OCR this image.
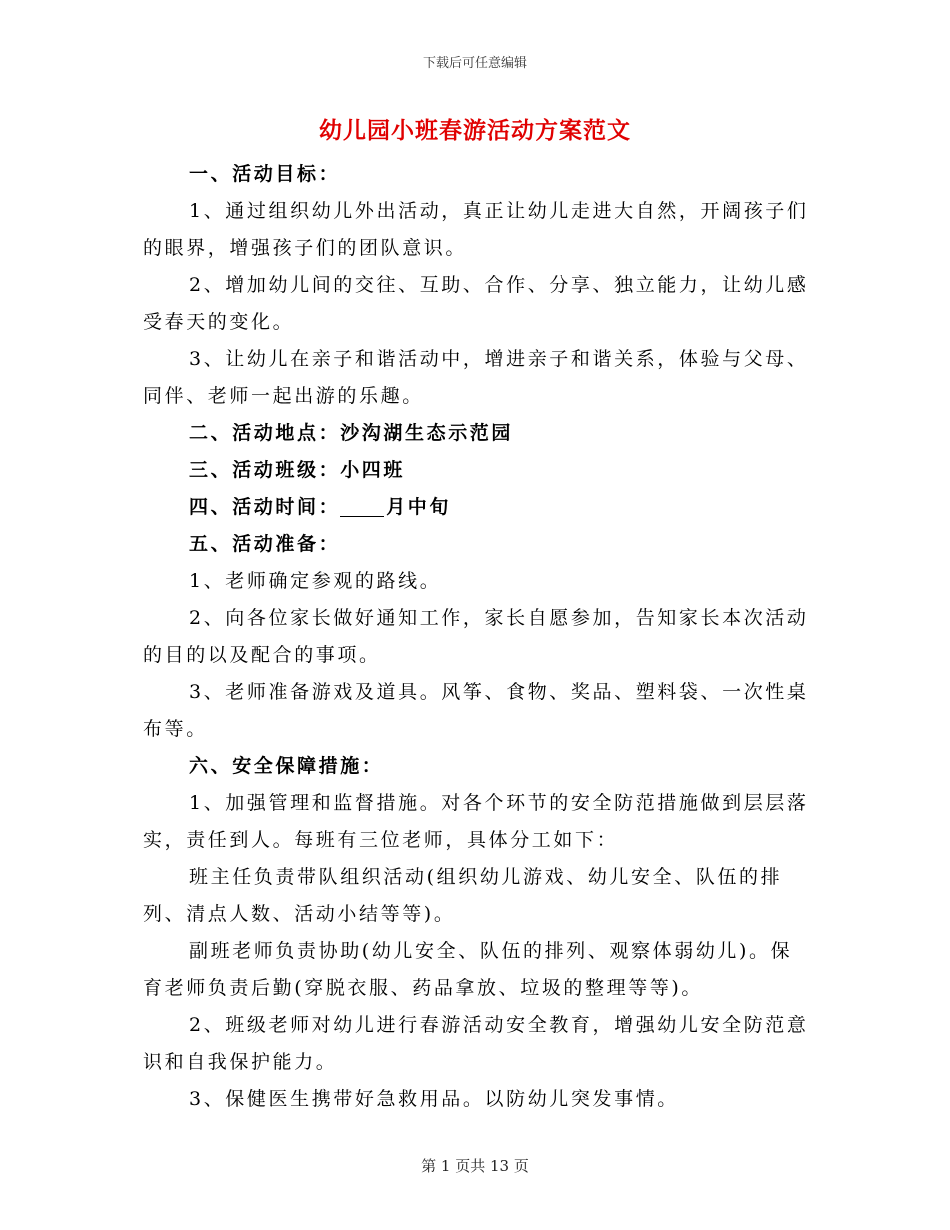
下载后可任意编辑
幼儿园小班春游活动方案范文

一、活动目标：

1、通过组织幼儿外出活动，真正让幼儿走进大自然，开阔孩子们的眼界，增强孩子们的团队意识。

2、增加幼儿间的交往、互助、合作、分享、独立能力，让幼儿感受春天的变化。

3、让幼儿在亲子和谐活动中，增进亲子和谐关系，体验与父母、同伴、老师一起出游的乐趣。

二、活动地点：沙沟湖生态示范园

三、活动班级：小四班

四、活动时间： 月中旬

五、活动准备：

1、老师确定参观的路线。

2、向各位家长做好通知工作，家长自愿参加，告知家长本次活动的目的以及配合的事项。

3、老师准备游戏及道具。风筝、食物、奖品、塑料袋、一次性桌布等。

六、安全保障措施：

1、加强管理和监督措施。对各个环节的安全防范措施做到层层落实，责任到人。每班有三位老师，具体分工如下：

班主任负责带队组织活动(组织幼儿游戏、幼儿安全、队伍的排列、清点人数、活动小结等等)。

副班老师负责协助(幼儿安全、队伍的排列、观察体弱幼儿)。保育老师负责后勤(穿脱衣服、药品拿放、垃圾的整理等等)。

2、班级老师对幼儿进行春游活动安全教育，增强幼儿安全防范意识和自我保护能力。

3、保健医生携带好急救用品。以防幼儿突发事情。

第 1 页共 13 页
